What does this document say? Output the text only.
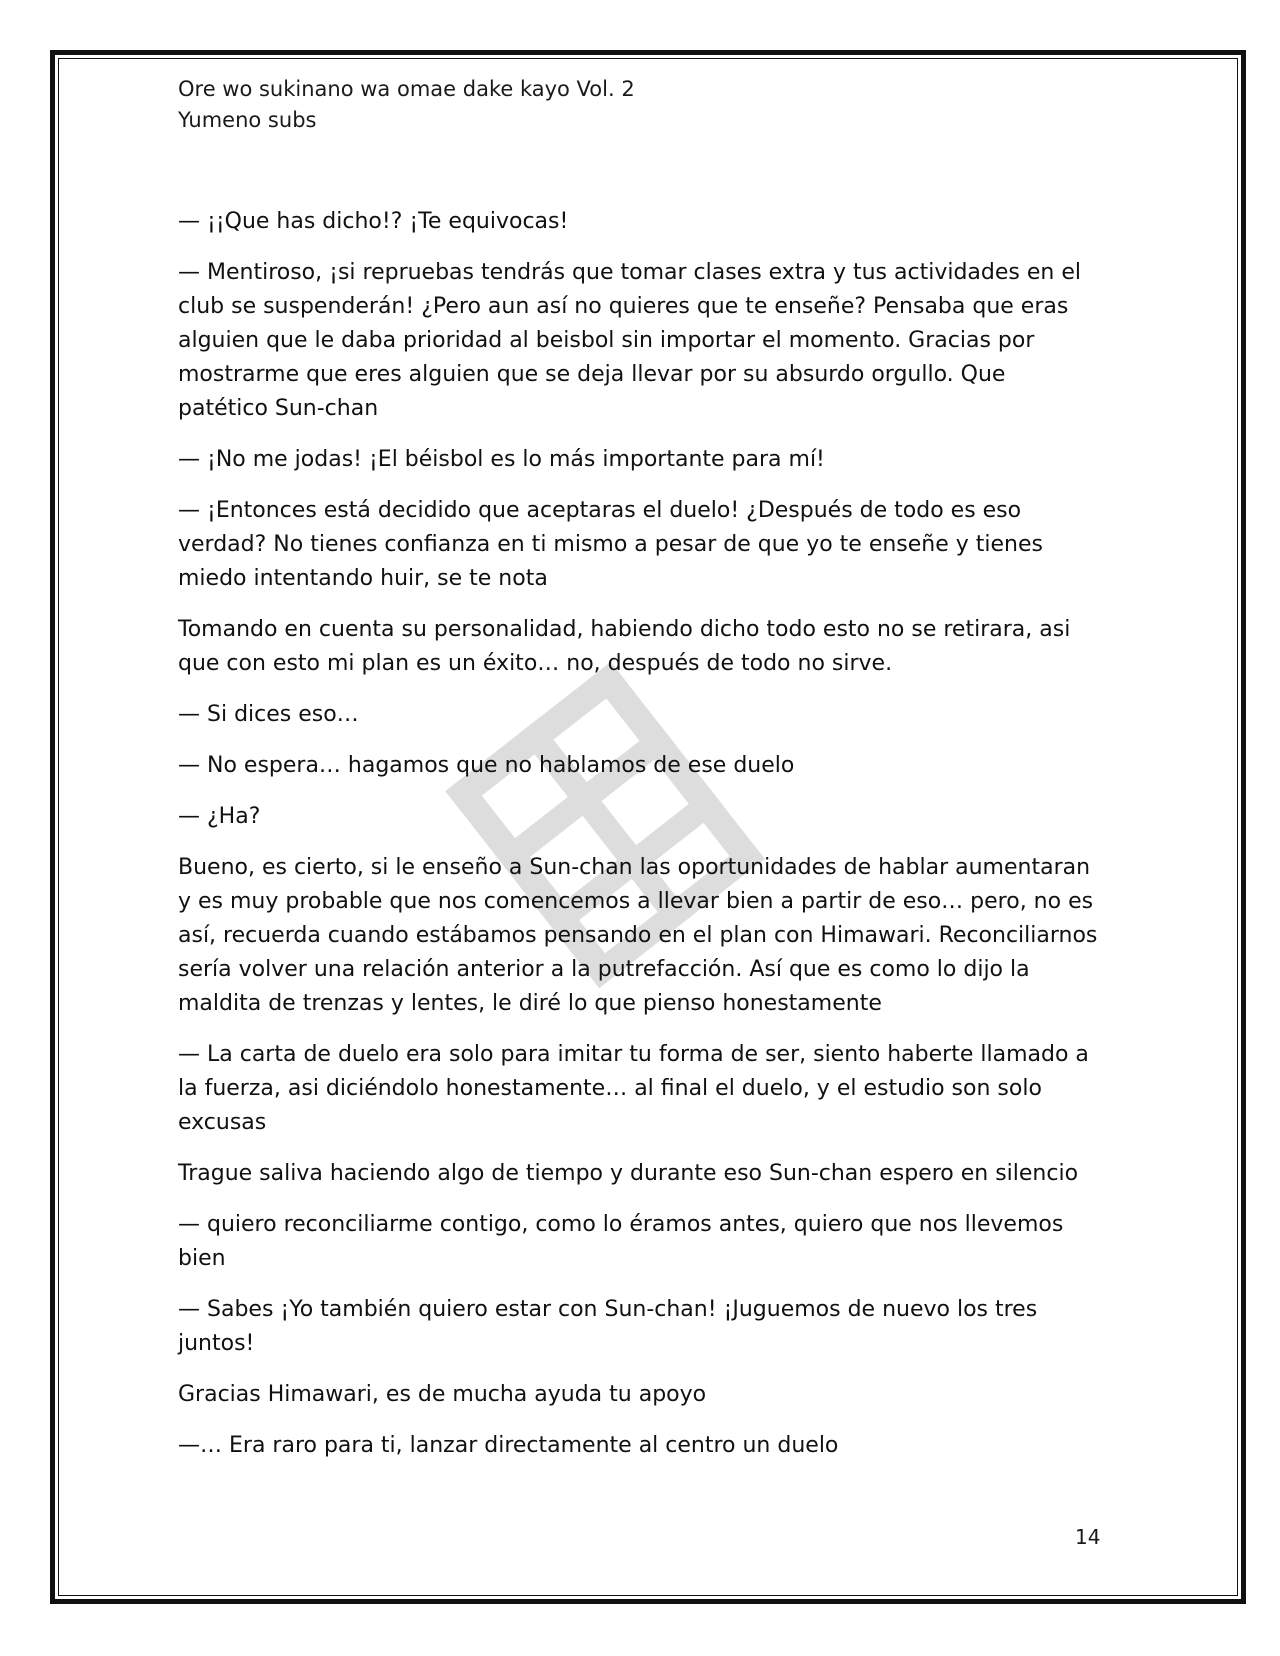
Ore wo sukinano wa omae dake kayo Vol. 2
Yumeno subs

— ¡¡Que has dicho!? ¡Te equivocas!

— Mentiroso, ¡si repruebas tendrás que tomar clases extra y tus actividades en el club se suspenderán! ¿Pero aun así no quieres que te enseñe? Pensaba que eras alguien que le daba prioridad al beisbol sin importar el momento. Gracias por mostrarme que eres alguien que se deja llevar por su absurdo orgullo. Que patético Sun-chan

— ¡No me jodas! ¡El béisbol es lo más importante para mí!

— ¡Entonces está decidido que aceptaras el duelo! ¿Después de todo es eso verdad? No tienes confianza en ti mismo a pesar de que yo te enseñe y tienes miedo intentando huir, se te nota

Tomando en cuenta su personalidad, habiendo dicho todo esto no se retirara, asi que con esto mi plan es un éxito… no, después de todo no sirve.

— Si dices eso…

— No espera… hagamos que no hablamos de ese duelo

— ¿Ha?

Bueno, es cierto, si le enseño a Sun-chan las oportunidades de hablar aumentaran y es muy probable que nos comencemos a llevar bien a partir de eso… pero, no es así, recuerda cuando estábamos pensando en el plan con Himawari. Reconciliarnos sería volver una relación anterior a la putrefacción. Así que es como lo dijo la maldita de trenzas y lentes, le diré lo que pienso honestamente

— La carta de duelo era solo para imitar tu forma de ser, siento haberte llamado a la fuerza, asi diciéndolo honestamente… al final el duelo, y el estudio son solo excusas

Trague saliva haciendo algo de tiempo y durante eso Sun-chan espero en silencio

— quiero reconciliarme contigo, como lo éramos antes, quiero que nos llevemos bien

— Sabes ¡Yo también quiero estar con Sun-chan! ¡Juguemos de nuevo los tres juntos!

Gracias Himawari, es de mucha ayuda tu apoyo

—… Era raro para ti, lanzar directamente al centro un duelo

14
